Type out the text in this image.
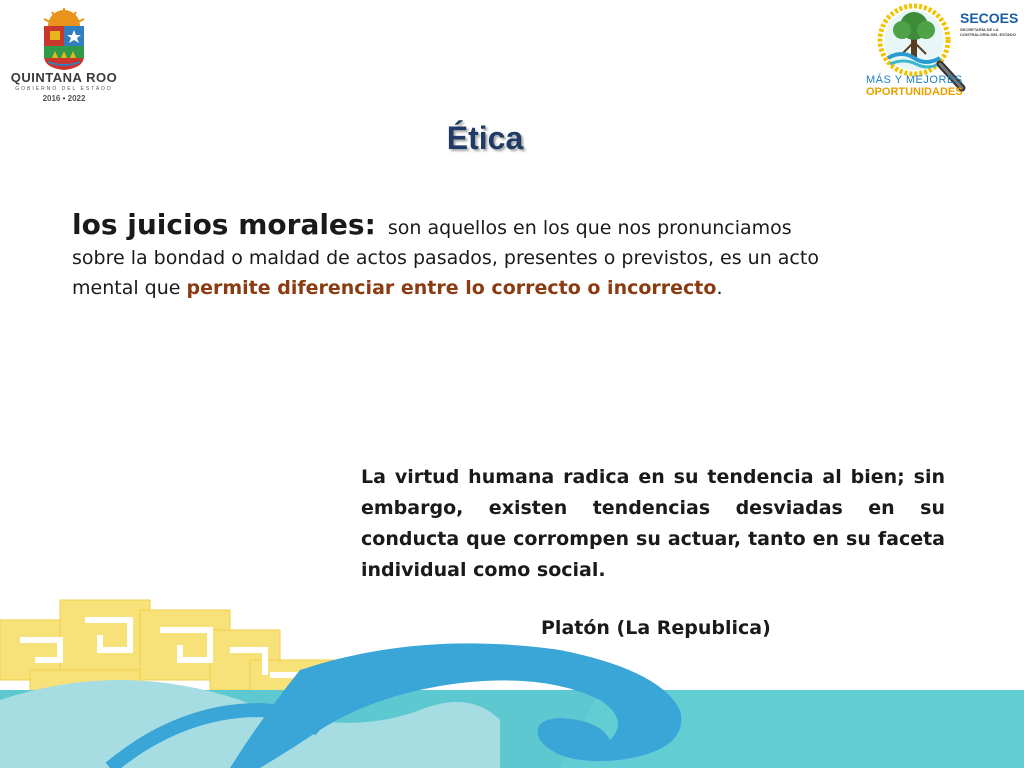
QUINTANA ROO
GOBIERNO DEL ESTADO
2016 • 2022
SECOES
SECRETARÍA DE LA CONTRALORÍA DEL ESTADO
MÁS Y MEJORES
OPORTUNIDADES
Ética
los juicios morales: son aquellos en los que nos pronunciamos sobre la bondad o maldad de actos pasados, presentes o previstos, es un acto mental que permite diferenciar entre lo correcto o incorrecto.
La virtud humana radica en su tendencia al bien; sin embargo, existen tendencias desviadas en su conducta que corrompen su actuar, tanto en su faceta individual como social.
Platón (La Republica)
